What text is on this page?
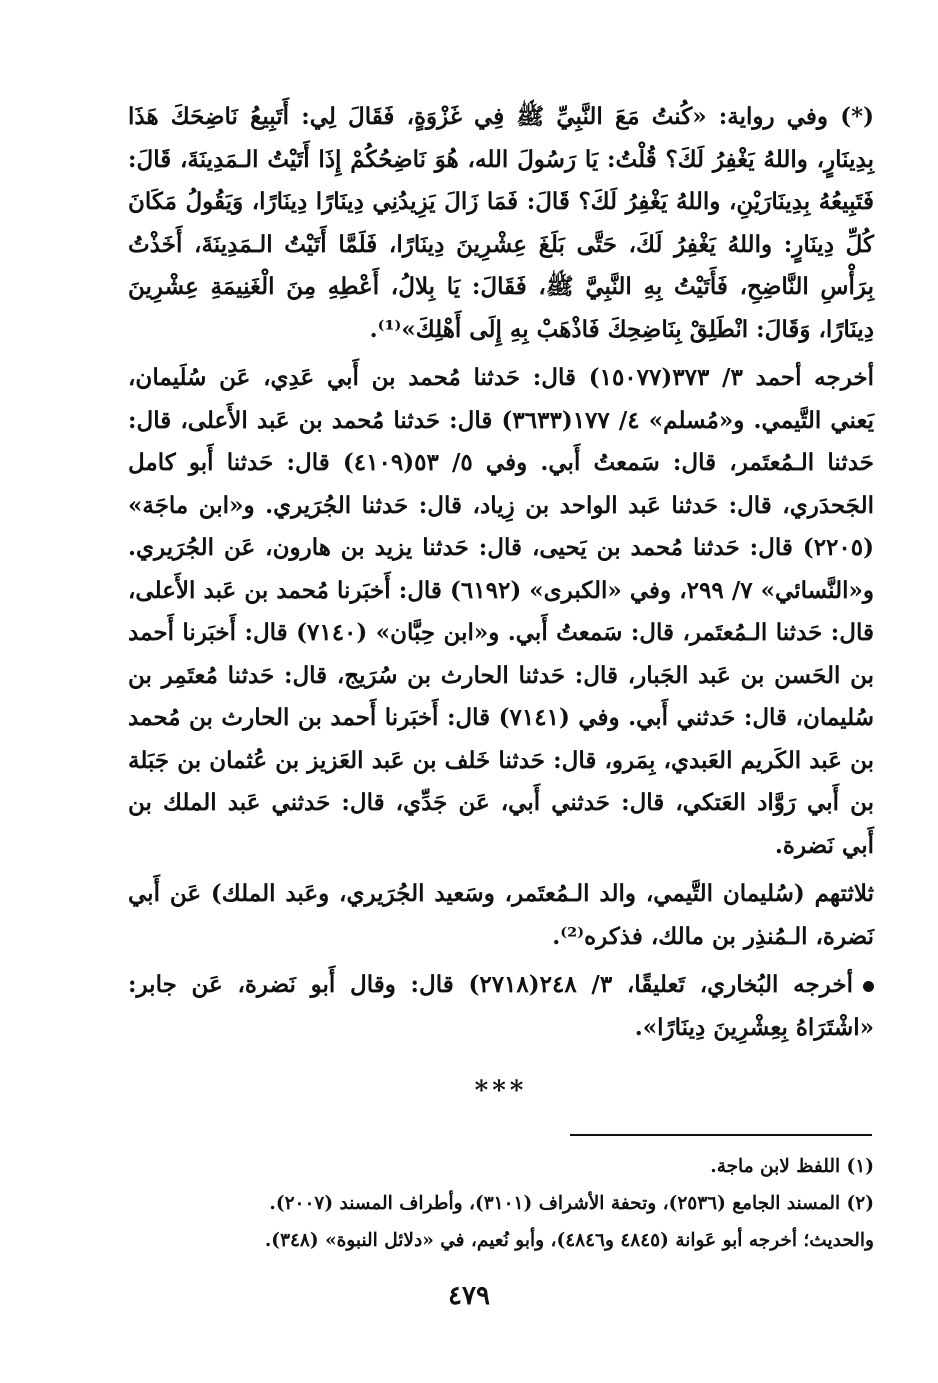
(*) وفي رواية: «كُنتُ مَعَ النَّبِيِّ ﷺ فِي غَزْوَةٍ، فَقَالَ لِي: أَتَبِيعُ نَاضِحَكَ هَذَا بِدِينَارٍ، واللهُ يَغْفِرُ لَكَ؟ قُلْتُ: يَا رَسُولَ الله، هُوَ نَاضِحُكُمْ إِذَا أَتَيْتُ الـمَدِينَةَ، قَالَ: فَتَبِيعُهُ بِدِينَارَيْنِ، واللهُ يَغْفِرُ لَكَ؟ قَالَ: فَمَا زَالَ يَزِيدُنِي دِينَارًا دِينَارًا، وَيَقُولُ مَكَانَ كُلِّ دِينَارٍ: واللهُ يَغْفِرُ لَكَ، حَتَّى بَلَغَ عِشْرِينَ دِينَارًا، فَلَمَّا أَتَيْتُ الـمَدِينَةَ، أَخَذْتُ بِرَأْسِ النَّاضِحِ، فَأَتَيْتُ بِهِ النَّبِيَّ ﷺ، فَقَالَ: يَا بِلالُ، أَعْطِهِ مِنَ الْغَنِيمَةِ عِشْرِينَ دِينَارًا، وَقَالَ: انْطَلِقْ بِنَاضِحِكَ فَاذْهَبْ بِهِ إِلَى أَهْلِكَ»⁽¹⁾.

أخرجه أحمد ٣/ ٣٧٣(١٥٠٧٧) قال: حَدثنا مُحمد بن أَبي عَدِي، عَن سُلَيمان، يَعني التَّيمي. و«مُسلم» ٤/ ١٧٧(٣٦٣٣) قال: حَدثنا مُحمد بن عَبد الأَعلى، قال: حَدثنا الـمُعتَمر، قال: سَمعتُ أَبي. وفي ٥/ ٥٣(٤١٠٩) قال: حَدثنا أَبو كامل الجَحدَري، قال: حَدثنا عَبد الواحد بن زِياد، قال: حَدثنا الجُرَيري. و«ابن ماجَة» (٢٢٠٥) قال: حَدثنا مُحمد بن يَحيى، قال: حَدثنا يزيد بن هارون، عَن الجُرَيري. و«النَّسائي» ٧/ ٢٩٩، وفي «الكبرى» (٦١٩٢) قال: أَخبَرنا مُحمد بن عَبد الأَعلى، قال: حَدثنا الـمُعتَمر، قال: سَمعتُ أَبي. و«ابن حِبَّان» (٧١٤٠) قال: أَخبَرنا أَحمد بن الحَسن بن عَبد الجَبار، قال: حَدثنا الحارث بن سُرَيج، قال: حَدثنا مُعتَمِر بن سُليمان، قال: حَدثني أَبي. وفي (٧١٤١) قال: أَخبَرنا أَحمد بن الحارث بن مُحمد بن عَبد الكَريم العَبدي، بِمَرو، قال: حَدثنا خَلف بن عَبد العَزيز بن عُثمان بن جَبَلة بن أَبي رَوَّاد العَتكي، قال: حَدثني أَبي، عَن جَدِّي، قال: حَدثني عَبد الملك بن أَبي نَضرة.

ثلاثتهم (سُليمان التَّيمي، والد الـمُعتَمر، وسَعيد الجُرَيري، وعَبد الملك) عَن أَبي نَضرة، الـمُنذِر بن مالك، فذكره⁽²⁾.

أخرجه البُخاري، تَعليقًا، ٣/ ٢٤٨(٢٧١٨) قال: وقال أَبو نَضرة، عَن جابر: «اشْتَرَاهُ بِعِشْرِينَ دِينَارًا».

***

(١) اللفظ لابن ماجة.

(٢) المسند الجامع (٢٥٣٦)، وتحفة الأشراف (٣١٠١)، وأطراف المسند (٢٠٠٧).

والحديث؛ أخرجه أبو عَوانة (٤٨٤٥ و٤٨٤٦)، وأبو نُعيم، في «دلائل النبوة» (٣٤٨).

٤٧٩
